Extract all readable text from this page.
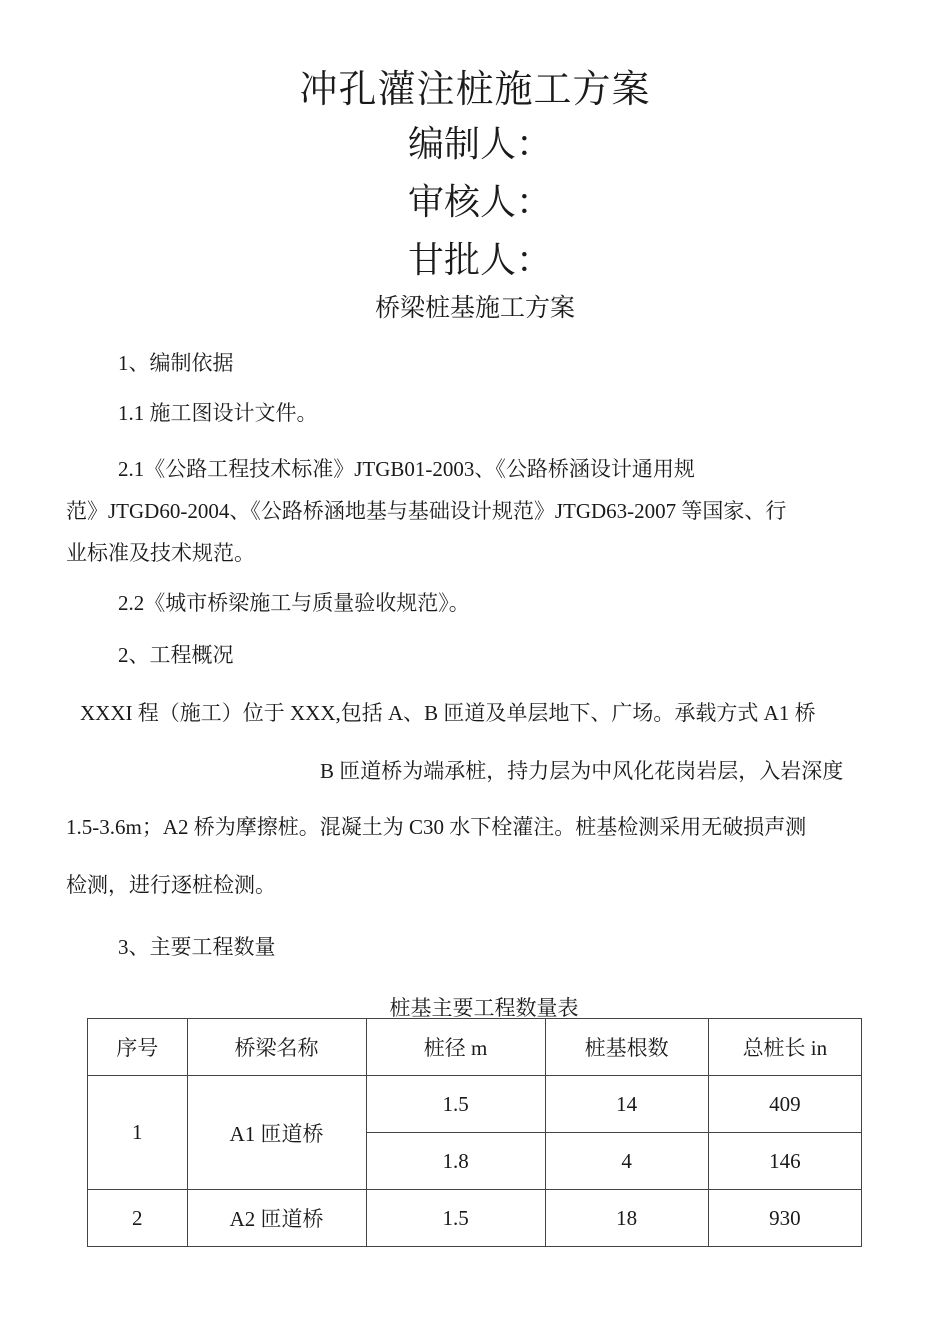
冲孔灌注桩施工方案
编制人：
审核人：
甘批人：
桥梁桩基施工方案
1、编制依据
1.1 施工图设计文件。
2.1《公路工程技术标准》JTGB01-2003、《公路桥涵设计通用规
范》JTGD60-2004、《公路桥涵地基与基础设计规范》JTGD63-2007 等国家、行
业标准及技术规范。
2.2《城市桥梁施工与质量验收规范》。
2、工程概况
XXXI 程（施工）位于 XXX,包括 A、B 匝道及单层地下、广场。承载方式 A1 桥
B 匝道桥为端承桩，持力层为中风化花岗岩层，入岩深度
1.5-3.6m；A2 桥为摩擦桩。混凝土为 C30 水下栓灌注。桩基检测采用无破损声测
检测，进行逐桩检测。
3、主要工程数量
桩基主要工程数量表
序号	桥梁名称	桩径 m	桩基根数	总桩长 in
1	A1 匝道桥	1.5	14	409
		1.8	4	146
2	A2 匝道桥	1.5	18	930
